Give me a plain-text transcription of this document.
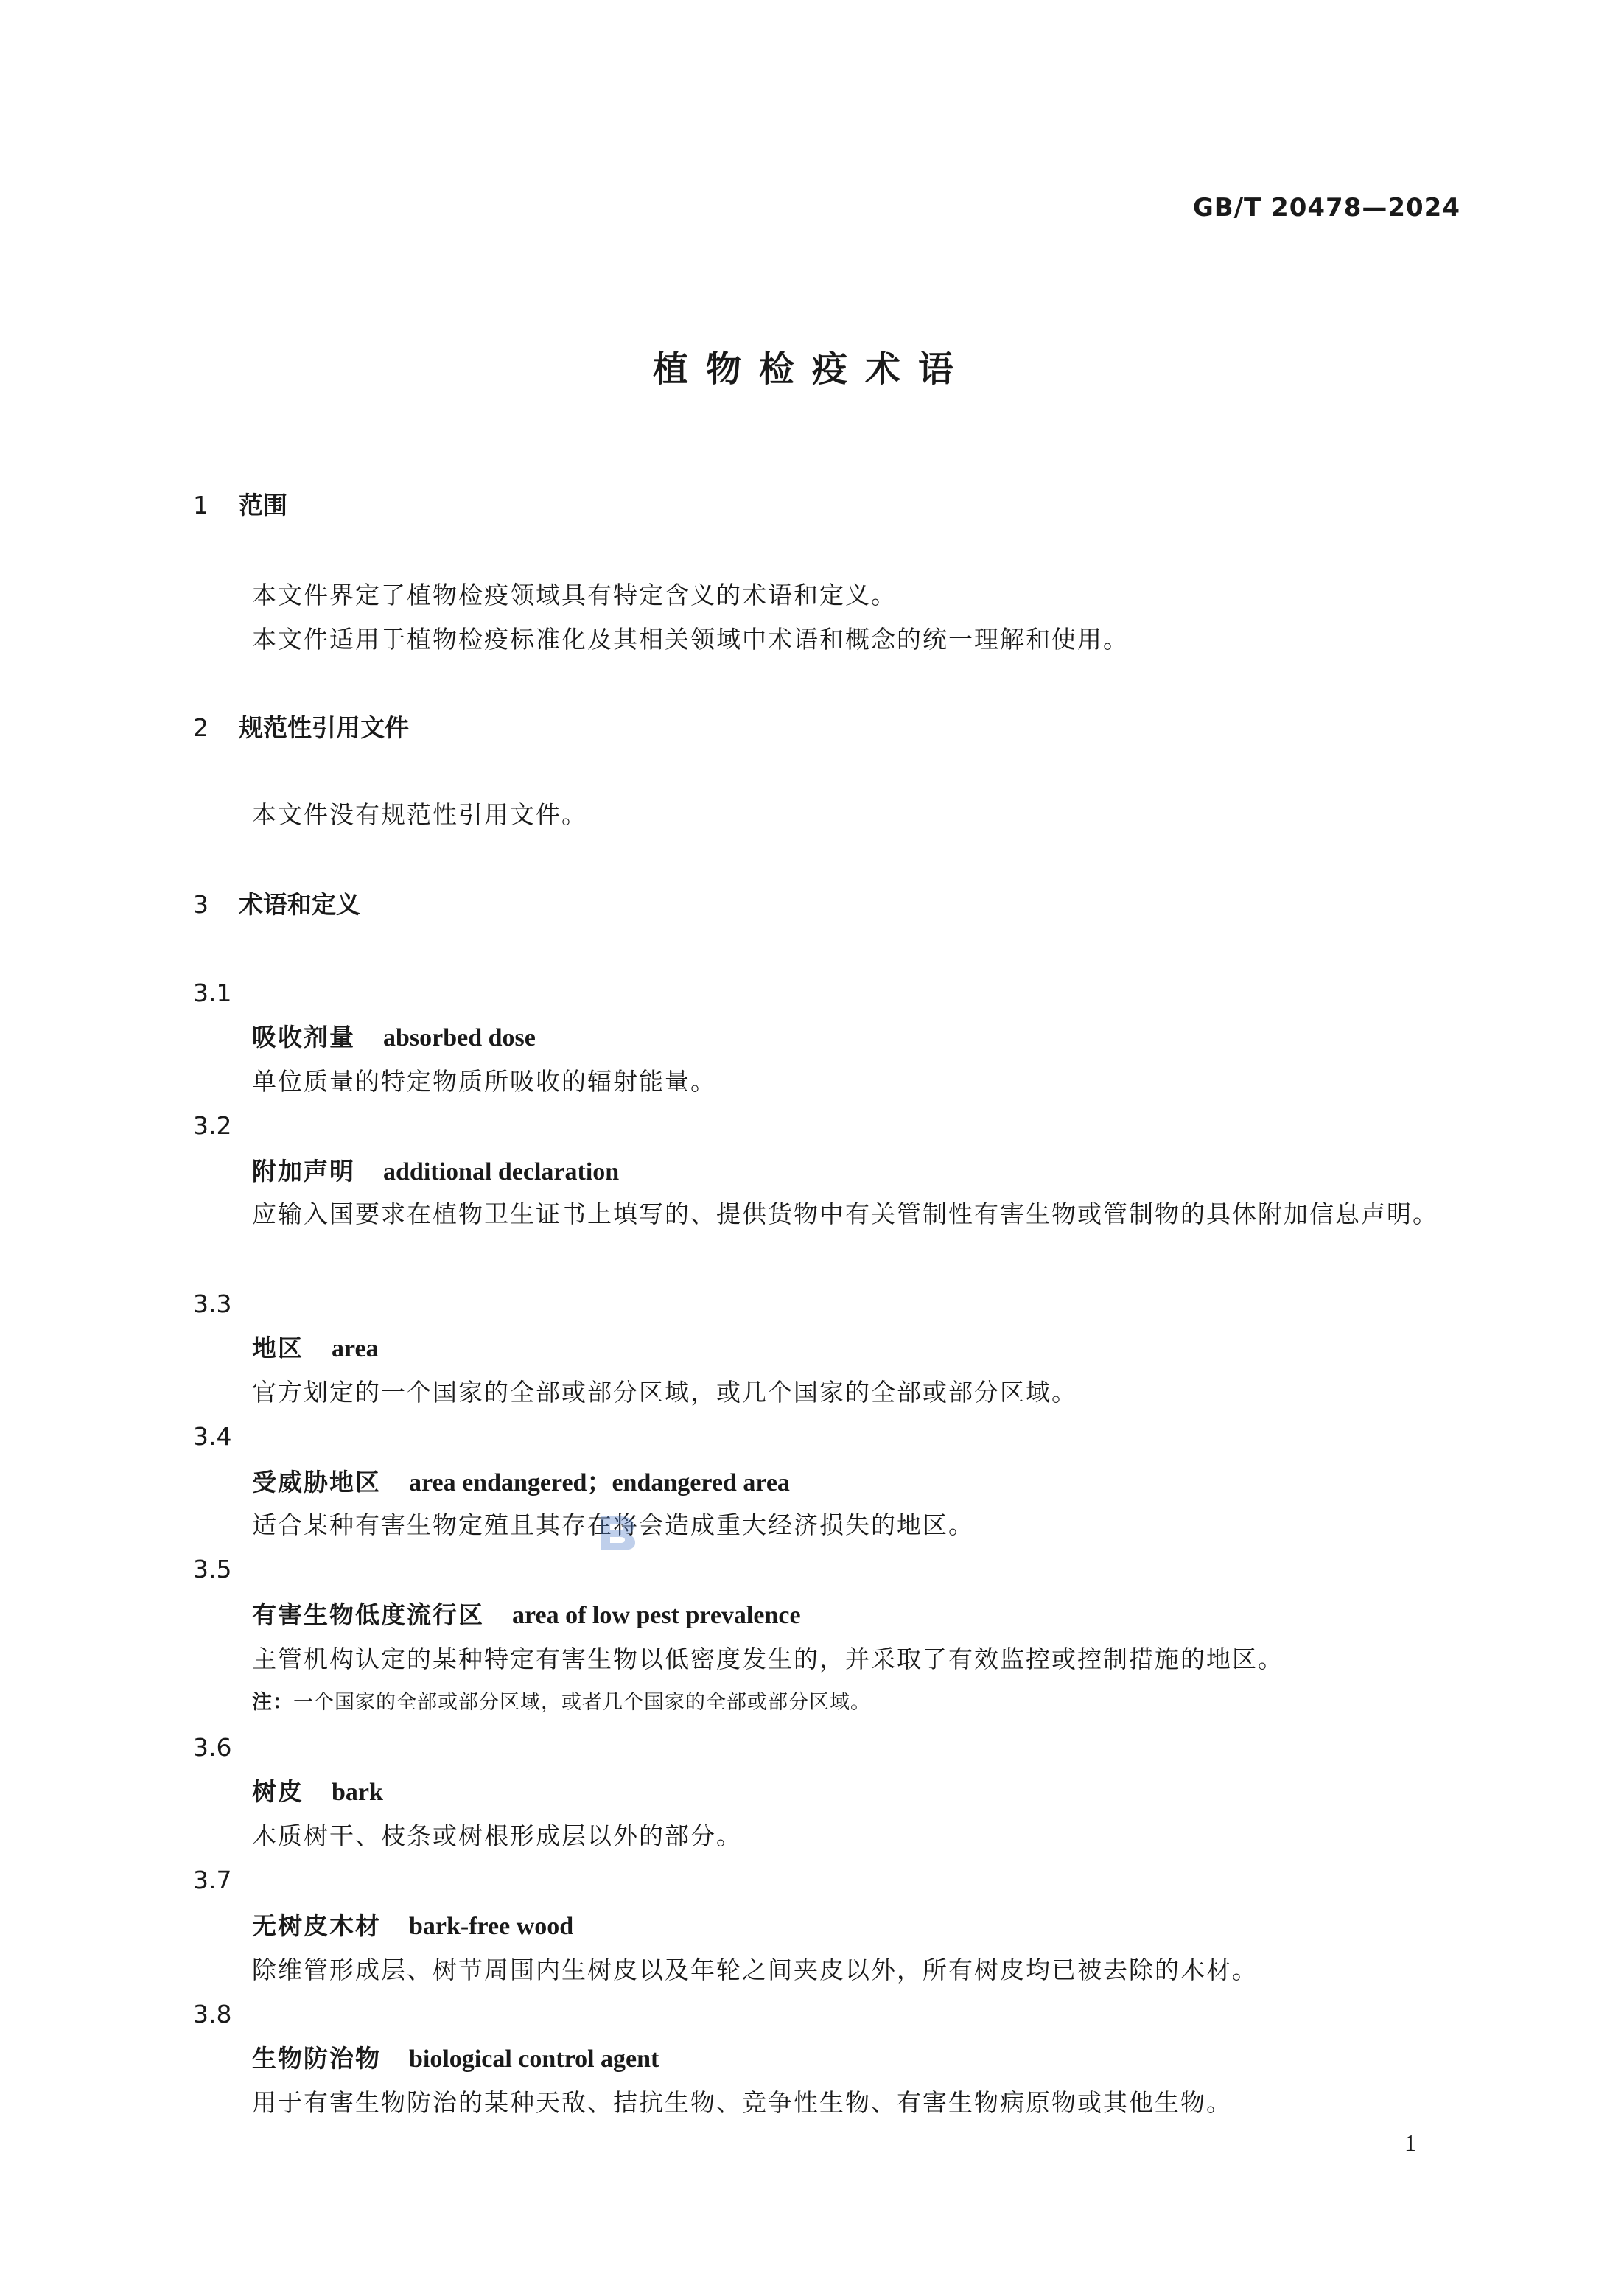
GB/T 20478—2024
植物检疫术语
1 范围
本文件界定了植物检疫领域具有特定含义的术语和定义。
本文件适用于植物检疫标准化及其相关领域中术语和概念的统一理解和使用。
2 规范性引用文件
本文件没有规范性引用文件。
3 术语和定义
3.1
吸收剂量 absorbed dose
单位质量的特定物质所吸收的辐射能量。
3.2
附加声明 additional declaration
应输入国要求在植物卫生证书上填写的、提供货物中有关管制性有害生物或管制物的具体附加信息声明。
3.3
地区 area
官方划定的一个国家的全部或部分区域，或几个国家的全部或部分区域。
3.4
受威胁地区 area endangered；endangered area
适合某种有害生物定殖且其存在将会造成重大经济损失的地区。
3.5
有害生物低度流行区 area of low pest prevalence
主管机构认定的某种特定有害生物以低密度发生的，并采取了有效监控或控制措施的地区。
注：一个国家的全部或部分区域，或者几个国家的全部或部分区域。
3.6
树皮 bark
木质树干、枝条或树根形成层以外的部分。
3.7
无树皮木材 bark-free wood
除维管形成层、树节周围内生树皮以及年轮之间夹皮以外，所有树皮均已被去除的木材。
3.8
生物防治物 biological control agent
用于有害生物防治的某种天敌、拮抗生物、竞争性生物、有害生物病原物或其他生物。
1
